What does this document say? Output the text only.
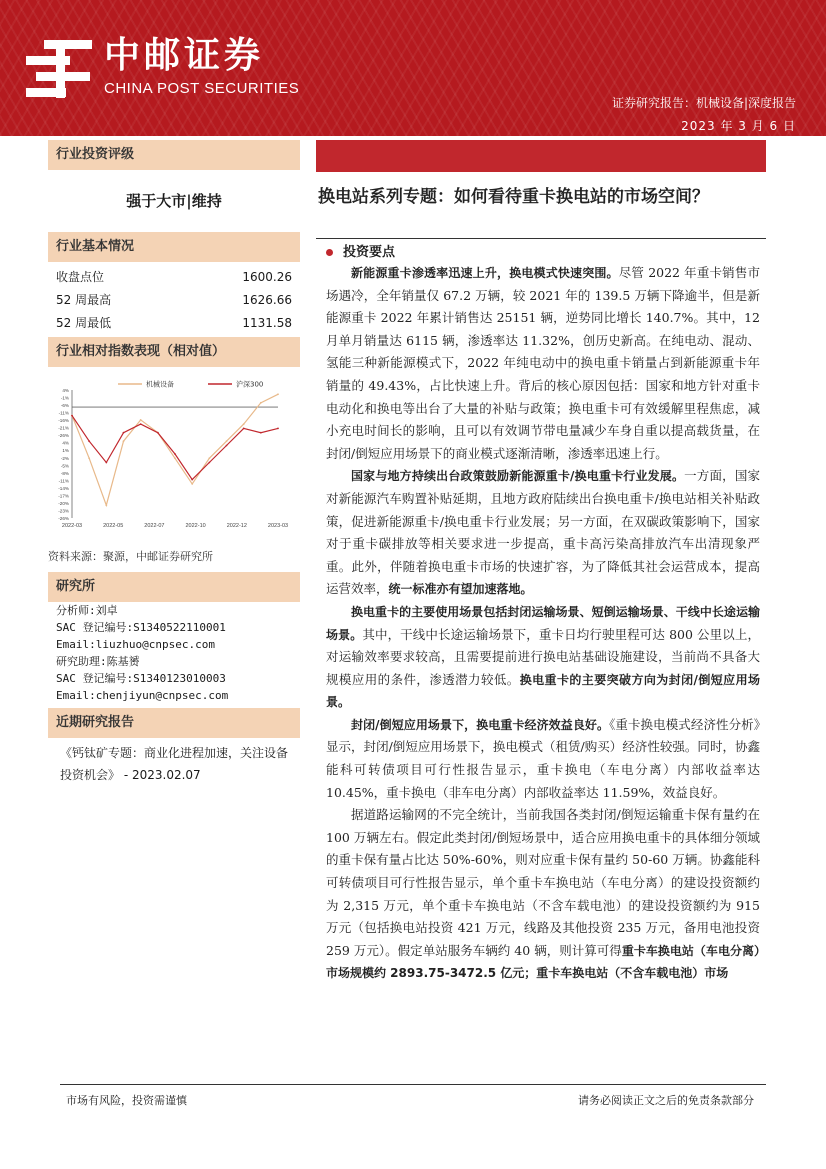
中邮证券
CHINA POST SECURITIES
证券研究报告：机械设备|深度报告
2023 年 3 月 6 日
行业投资评级
强于大市|维持
行业基本情况
收盘点位	1600.26
52 周最高	1626.66
52 周最低	1131.58
行业相对指数表现（相对值）
4%
-1%
-6%
-11%
-16%
-21%
-26%
4%
1%
-2%
-5%
-8%
-11%
-14%
-17%
-20%
-23%
-26%
2022-03	2022-05	2022-07	2022-10	2022-12	2023-03
机械设备	沪深300
资料来源：聚源，中邮证券研究所
研究所
分析师:刘卓
SAC 登记编号:S1340522110001
Email:liuzhuo@cnpsec.com
研究助理:陈基赟
SAC 登记编号:S1340123010003
Email:chenjiyun@cnpsec.com
近期研究报告
《钙钛矿专题：商业化进程加速，关注设备投资机会》 - 2023.02.07
换电站系列专题：如何看待重卡换电站的市场空间？
投资要点

新能源重卡渗透率迅速上升，换电模式快速突围。尽管 2022 年重卡销售市场遇冷，全年销量仅 67.2 万辆，较 2021 年的 139.5 万辆下降逾半，但是新能源重卡 2022 年累计销售达 25151 辆，逆势同比增长 140.7%。其中，12 月单月销量达 6115 辆，渗透率达 11.32%，创历史新高。在纯电动、混动、氢能三种新能源模式下，2022 年纯电动中的换电重卡销量占到新能源重卡年销量的 49.43%，占比快速上升。背后的核心原因包括：国家和地方针对重卡电动化和换电等出台了大量的补贴与政策；换电重卡可有效缓解里程焦虑，减小充电时间长的影响，且可以有效调节带电量减少车身自重以提高载货量，在封闭/倒短应用场景下的商业模式逐渐清晰，渗透率迅速上行。

国家与地方持续出台政策鼓励新能源重卡/换电重卡行业发展。一方面，国家对新能源汽车购置补贴延期，且地方政府陆续出台换电重卡/换电站相关补贴政策，促进新能源重卡/换电重卡行业发展；另一方面，在双碳政策影响下，国家对于重卡碳排放等相关要求进一步提高，重卡高污染高排放汽车出清现象严重。此外，伴随着换电重卡市场的快速扩容，为了降低其社会运营成本，提高运营效率，统一标准亦有望加速落地。

换电重卡的主要使用场景包括封闭运输场景、短倒运输场景、干线中长途运输场景。其中，干线中长途运输场景下，重卡日均行驶里程可达 800 公里以上，对运输效率要求较高，且需要提前进行换电站基础设施建设，当前尚不具备大规模应用的条件，渗透潜力较低。换电重卡的主要突破方向为封闭/倒短应用场景。

封闭/倒短应用场景下，换电重卡经济效益良好。《重卡换电模式经济性分析》显示，封闭/倒短应用场景下，换电模式（租赁/购买）经济性较强。同时，协鑫能科可转债项目可行性报告显示，重卡换电（车电分离）内部收益率达 10.45%，重卡换电（非车电分离）内部收益率达 11.59%，效益良好。

据道路运输网的不完全统计，当前我国各类封闭/倒短运输重卡保有量约在 100 万辆左右。假定此类封闭/倒短场景中，适合应用换电重卡的具体细分领域的重卡保有量占比达 50%-60%，则对应重卡保有量约 50-60 万辆。协鑫能科可转债项目可行性报告显示，单个重卡车换电站（车电分离）的建设投资额约为 2,315 万元，单个重卡车换电站（不含车载电池）的建设投资额约为 915 万元（包括换电站投资 421 万元，线路及其他投资 235 万元，备用电池投资 259 万元）。假定单站服务车辆约 40 辆，则计算可得重卡车换电站（车电分离）市场规模约 2893.75-3472.5 亿元；重卡车换电站（不含车载电池）市场

市场有风险，投资需谨慎	请务必阅读正文之后的免责条款部分
